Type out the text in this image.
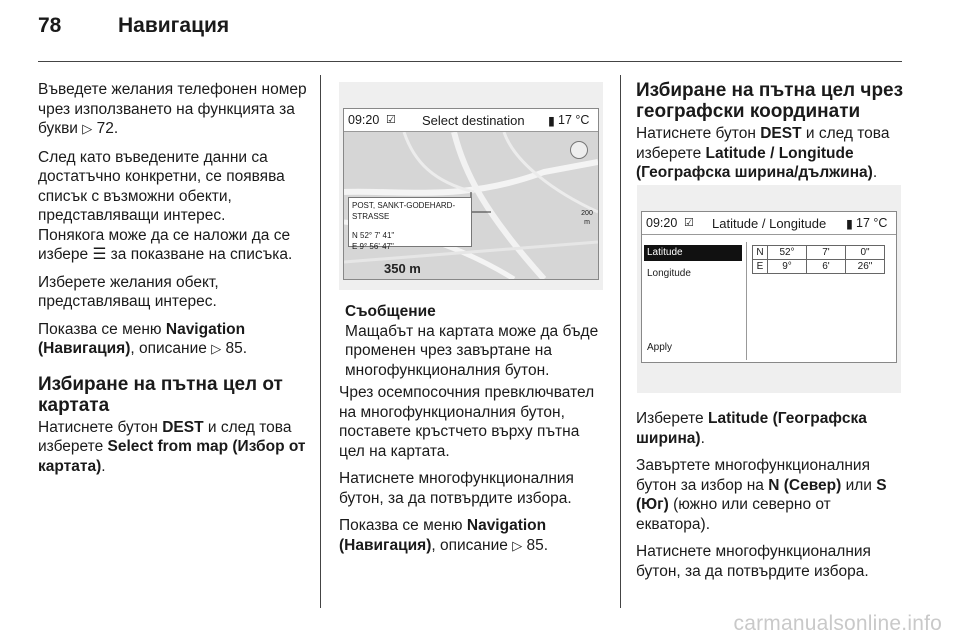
78	Навигация

Въведете желания телефонен номер чрез използването на функцията за букви ▷ 72.

След като въведените данни са достатъчно конкретни, се появява списък с възможни обекти, представляващи интерес.

Понякога може да се наложи да се избере ☰ за показване на списъка.

Изберете желания обект, представляващ интерес.

Показва се меню Navigation (Навигация), описание ▷ 85.

Избиране на пътна цел от картата

Натиснете бутон DEST и след това изберете Select from map (Избор от картата).

09:20 ☑ Select destination ▮ 17 °C
POST, SANKT-GODEHARD-STRASSE
N 52° 7' 41"
E 9° 56' 47"
350 m
200 m
Съобщение
Мащабът на картата може да бъде променен чрез завъртане на многофункционалния бутон.

Чрез осемпосочния превключвател на многофункционалния бутон, поставете кръстчето върху пътна цел на картата.

Натиснете многофункционалния бутон, за да потвърдите избора.

Показва се меню Navigation (Навигация), описание ▷ 85.

Избиране на пътна цел чрез географски координати

Натиснете бутон DEST и след това изберете Latitude / Longitude (Географска ширина/дължина).

09:20 ☑ Latitude / Longitude ▮ 17 °C
Latitude
Longitude
Apply
N	52°	7'	0"
E	9°	6'	26"

Изберете Latitude (Географска ширина).

Завъртете многофункционалния бутон за избор на N (Север) или S (Юг) (южно или северно от екватора).

Натиснете многофункционалния бутон, за да потвърдите избора.

carmanualsonline.info
